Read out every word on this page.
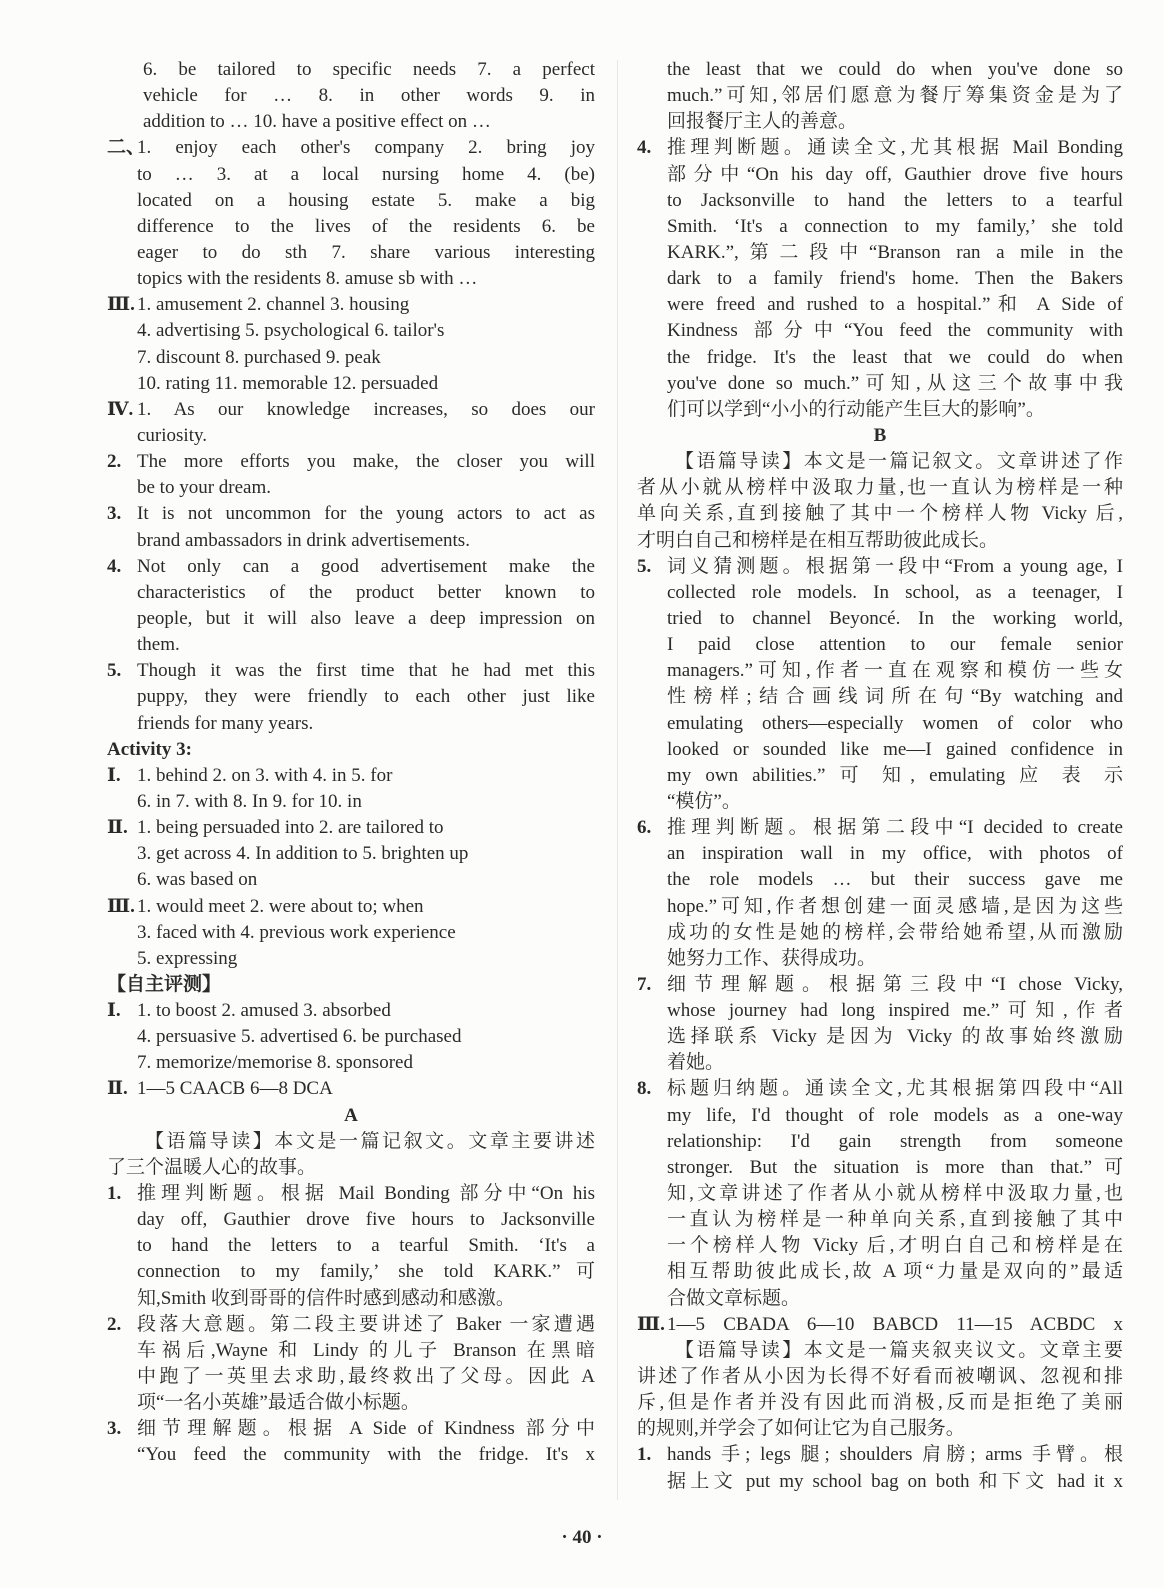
6. be tailored to specific needs 7. a perfect
vehicle for … 8. in other words 9. in
addition to … 10. have a positive effect on …
二、
1. enjoy each other's company 2. bring joy
to … 3. at a local nursing home 4. (be)
located on a housing estate 5. make a big
difference to the lives of the residents 6. be
eager to do sth 7. share various interesting
topics with the residents 8. amuse sb with …
Ⅲ. 1. amusement 2. channel 3. housing
4. advertising 5. psychological 6. tailor's
7. discount 8. purchased 9. peak
10. rating 11. memorable 12. persuaded
Ⅳ. 1. As our knowledge increases, so does our
curiosity.
2. The more efforts you make, the closer you will
be to your dream.
3. It is not uncommon for the young actors to act as
brand ambassadors in drink advertisements.
4. Not only can a good advertisement make the
characteristics of the product better known to
people, but it will also leave a deep impression on
them.
5. Though it was the first time that he had met this
puppy, they were friendly to each other just like
friends for many years.
Activity 3:
Ⅰ. 1. behind 2. on 3. with 4. in 5. for
6. in 7. with 8. In 9. for 10. in
Ⅱ. 1. being persuaded into 2. are tailored to
3. get across 4. In addition to 5. brighten up
6. was based on
Ⅲ. 1. would meet 2. were about to; when
3. faced with 4. previous work experience
5. expressing
【自主评测】
Ⅰ. 1. to boost 2. amused 3. absorbed
4. persuasive 5. advertised 6. be purchased
7. memorize/memorise 8. sponsored
Ⅱ. 1—5 CAACB 6—8 DCA
A
【语篇导读】本文是一篇记叙文。文章主要讲述
了三个温暖人心的故事。
1. 推理判断题。根据 Mail Bonding 部分中“On his
day off, Gauthier drove five hours to Jacksonville
to hand the letters to a tearful Smith. ‘It's a
connection to my family,’ she told KARK.”可
知,Smith 收到哥哥的信件时感到感动和感激。
2. 段落大意题。第二段主要讲述了 Baker 一家遭遇
车祸后,Wayne 和 Lindy 的儿子 Branson 在黑暗
中跑了一英里去求助,最终救出了父母。因此 A
项“一名小英雄”最适合做小标题。
3. 细节理解题。根据 A Side of Kindness 部分中
“You feed the community with the fridge. It's x
the least that we could do when you've done so
much.”可知,邻居们愿意为餐厅筹集资金是为了
回报餐厅主人的善意。
4. 推理判断题。通读全文,尤其根据 Mail Bonding
部分中“On his day off, Gauthier drove five hours
to Jacksonville to hand the letters to a tearful
Smith. ‘It's a connection to my family,’ she told
KARK.”,第二段中“Branson ran a mile in the
dark to a family friend's home. Then the Bakers
were freed and rushed to a hospital.”和 A Side of
Kindness 部分中“You feed the community with
the fridge. It's the least that we could do when
you've done so much.”可知,从这三个故事中我
们可以学到“小小的行动能产生巨大的影响”。
B
【语篇导读】本文是一篇记叙文。文章讲述了作
者从小就从榜样中汲取力量,也一直认为榜样是一种
单向关系,直到接触了其中一个榜样人物 Vicky 后,
才明白自己和榜样是在相互帮助彼此成长。
5. 词义猜测题。根据第一段中“From a young age, I
collected role models. In school, as a teenager, I
tried to channel Beyoncé. In the working world,
I paid close attention to our female senior
managers.”可知,作者一直在观察和模仿一些女
性榜样;结合画线词所在句“By watching and
emulating others—especially women of color who
looked or sounded like me—I gained confidence in
my own abilities.” 可 知, emulating 应 表 示
“模仿”。
6. 推理判断题。根据第二段中“I decided to create
an inspiration wall in my office, with photos of
the role models … but their success gave me
hope.”可知,作者想创建一面灵感墙,是因为这些
成功的女性是她的榜样,会带给她希望,从而激励
她努力工作、获得成功。
7. 细节理解题。根据第三段中“I chose Vicky,
whose journey had long inspired me.”可知,作者
选择联系 Vicky 是因为 Vicky 的故事始终激励
着她。
8. 标题归纳题。通读全文,尤其根据第四段中“All
my life, I'd thought of role models as a one-way
relationship: I'd gain strength from someone
stronger. But the situation is more than that.”可
知,文章讲述了作者从小就从榜样中汲取力量,也
一直认为榜样是一种单向关系,直到接触了其中
一个榜样人物 Vicky 后,才明白自己和榜样是在
相互帮助彼此成长,故 A 项“力量是双向的”最适
合做文章标题。
Ⅲ. 1—5 CBADA 6—10 BABCD 11—15 ACBDC x
【语篇导读】本文是一篇夹叙夹议文。文章主要
讲述了作者从小因为长得不好看而被嘲讽、忽视和排
斥,但是作者并没有因此而消极,反而是拒绝了美丽
的规则,并学会了如何让它为自己服务。
1. hands 手; legs 腿; shoulders 肩膀; arms 手臂。根
据上文 put my school bag on both 和下文 had it x
· 40 ·
